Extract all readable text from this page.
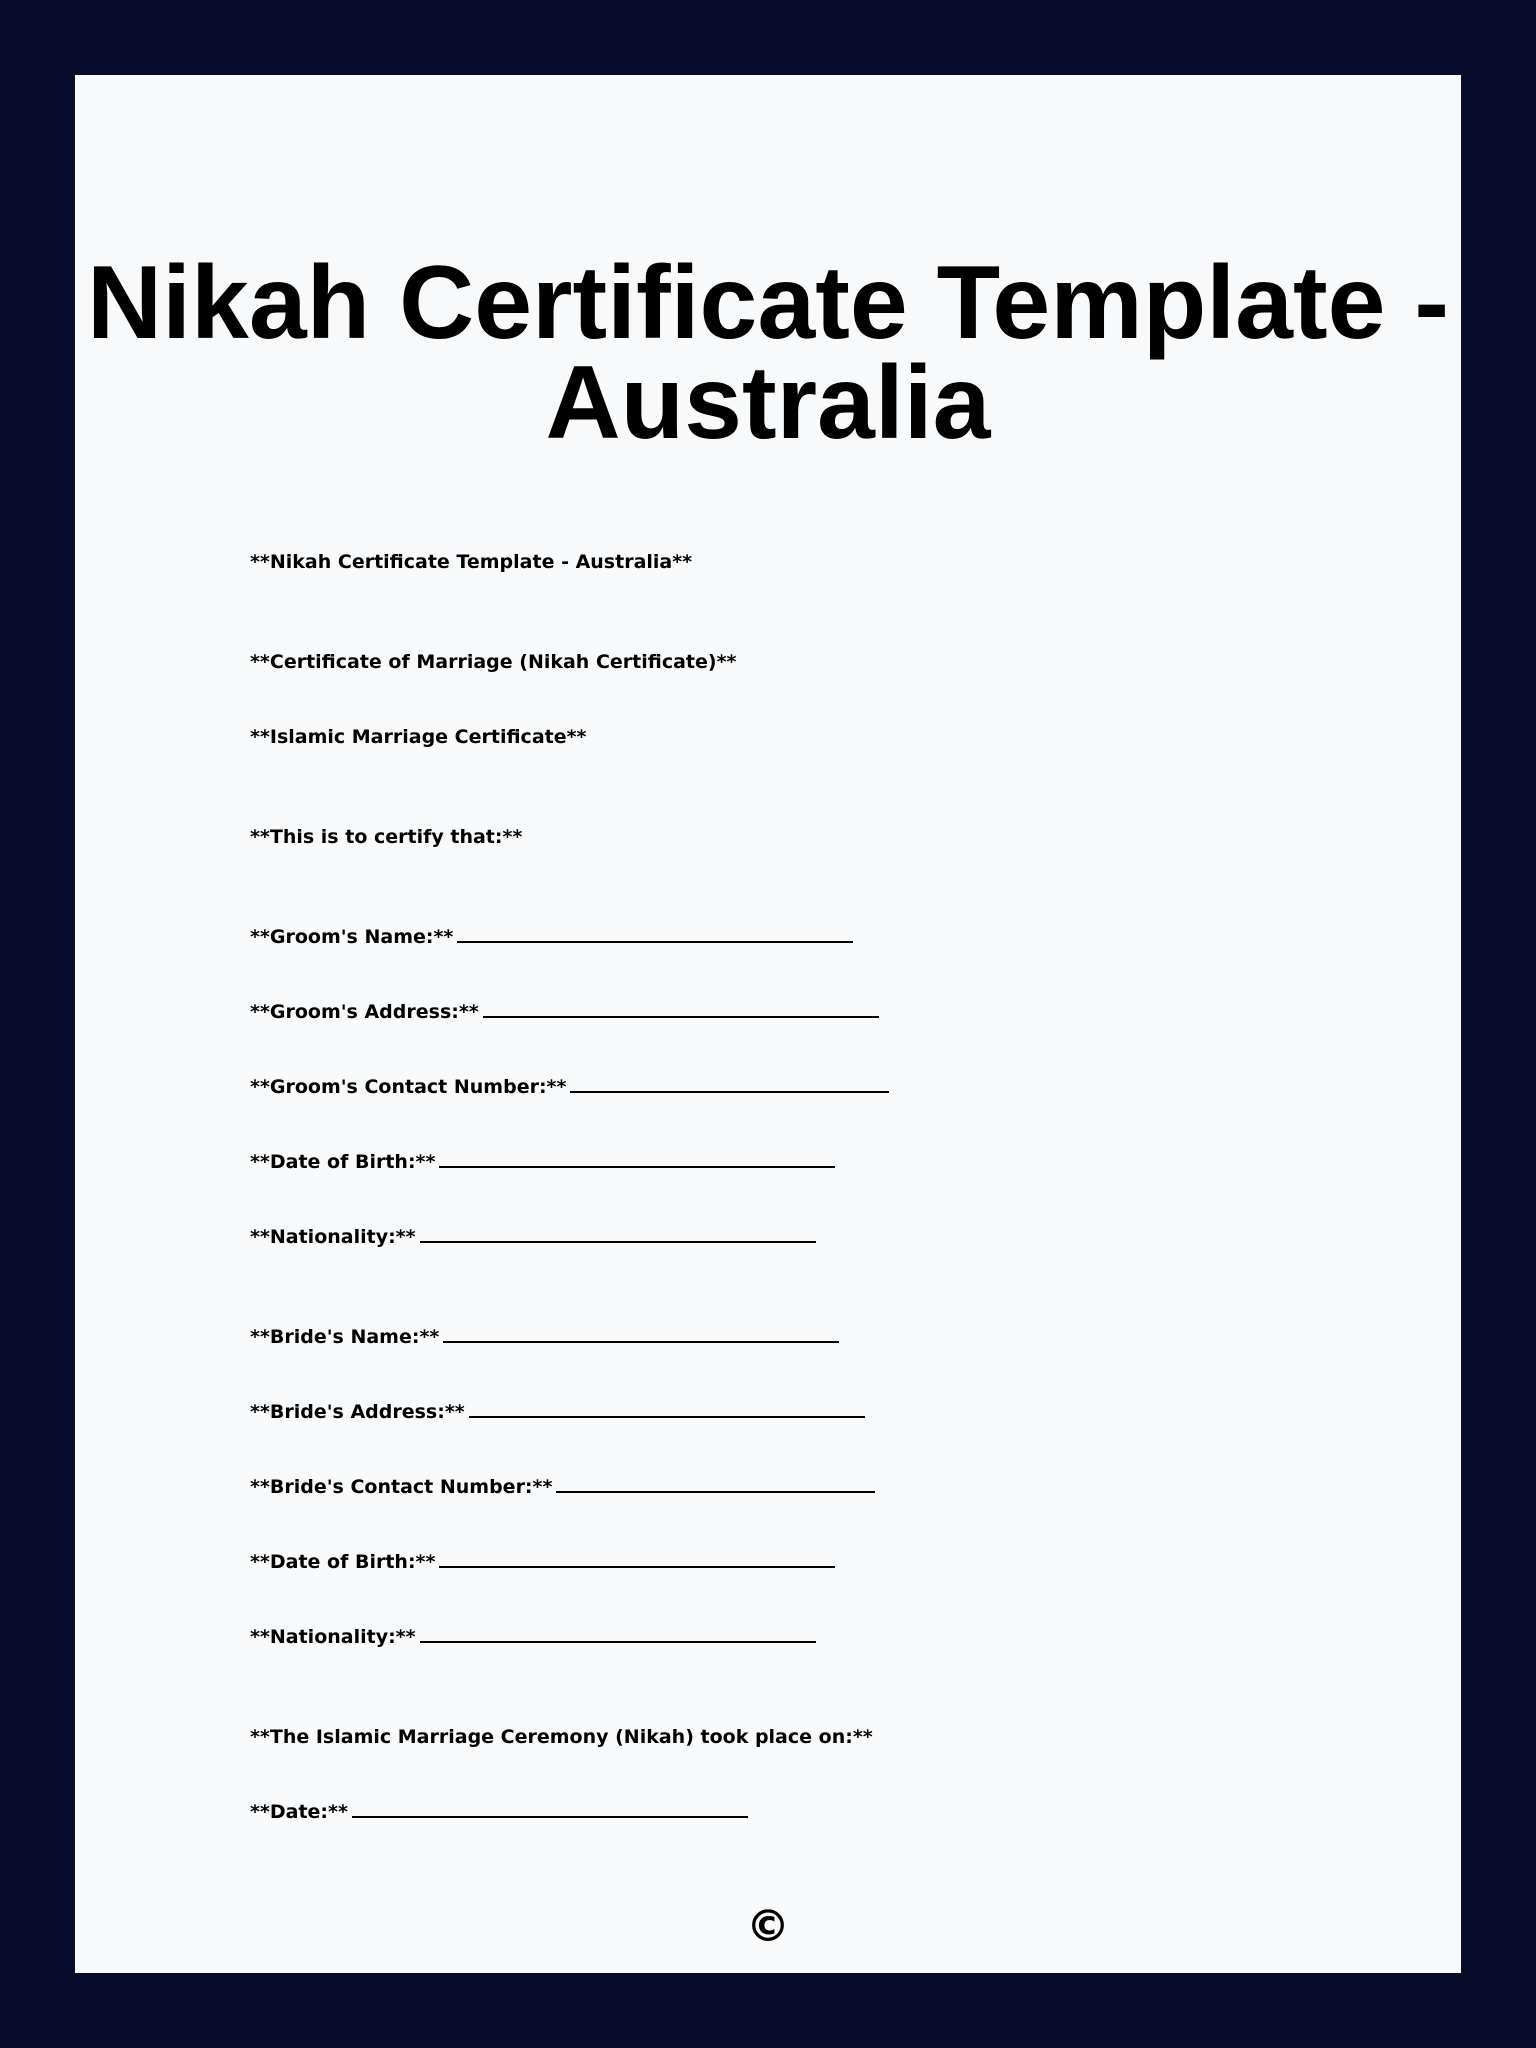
Nikah Certificate Template -
Australia
**Nikah Certificate Template - Australia**
**Certificate of Marriage (Nikah Certificate)**
**Islamic Marriage Certificate**
**This is to certify that:**
**Groom's Name:**
**Groom's Address:**
**Groom's Contact Number:**
**Date of Birth:**
**Nationality:**
**Bride's Name:**
**Bride's Address:**
**Bride's Contact Number:**
**Date of Birth:**
**Nationality:**
**The Islamic Marriage Ceremony (Nikah) took place on:**
**Date:**
©
